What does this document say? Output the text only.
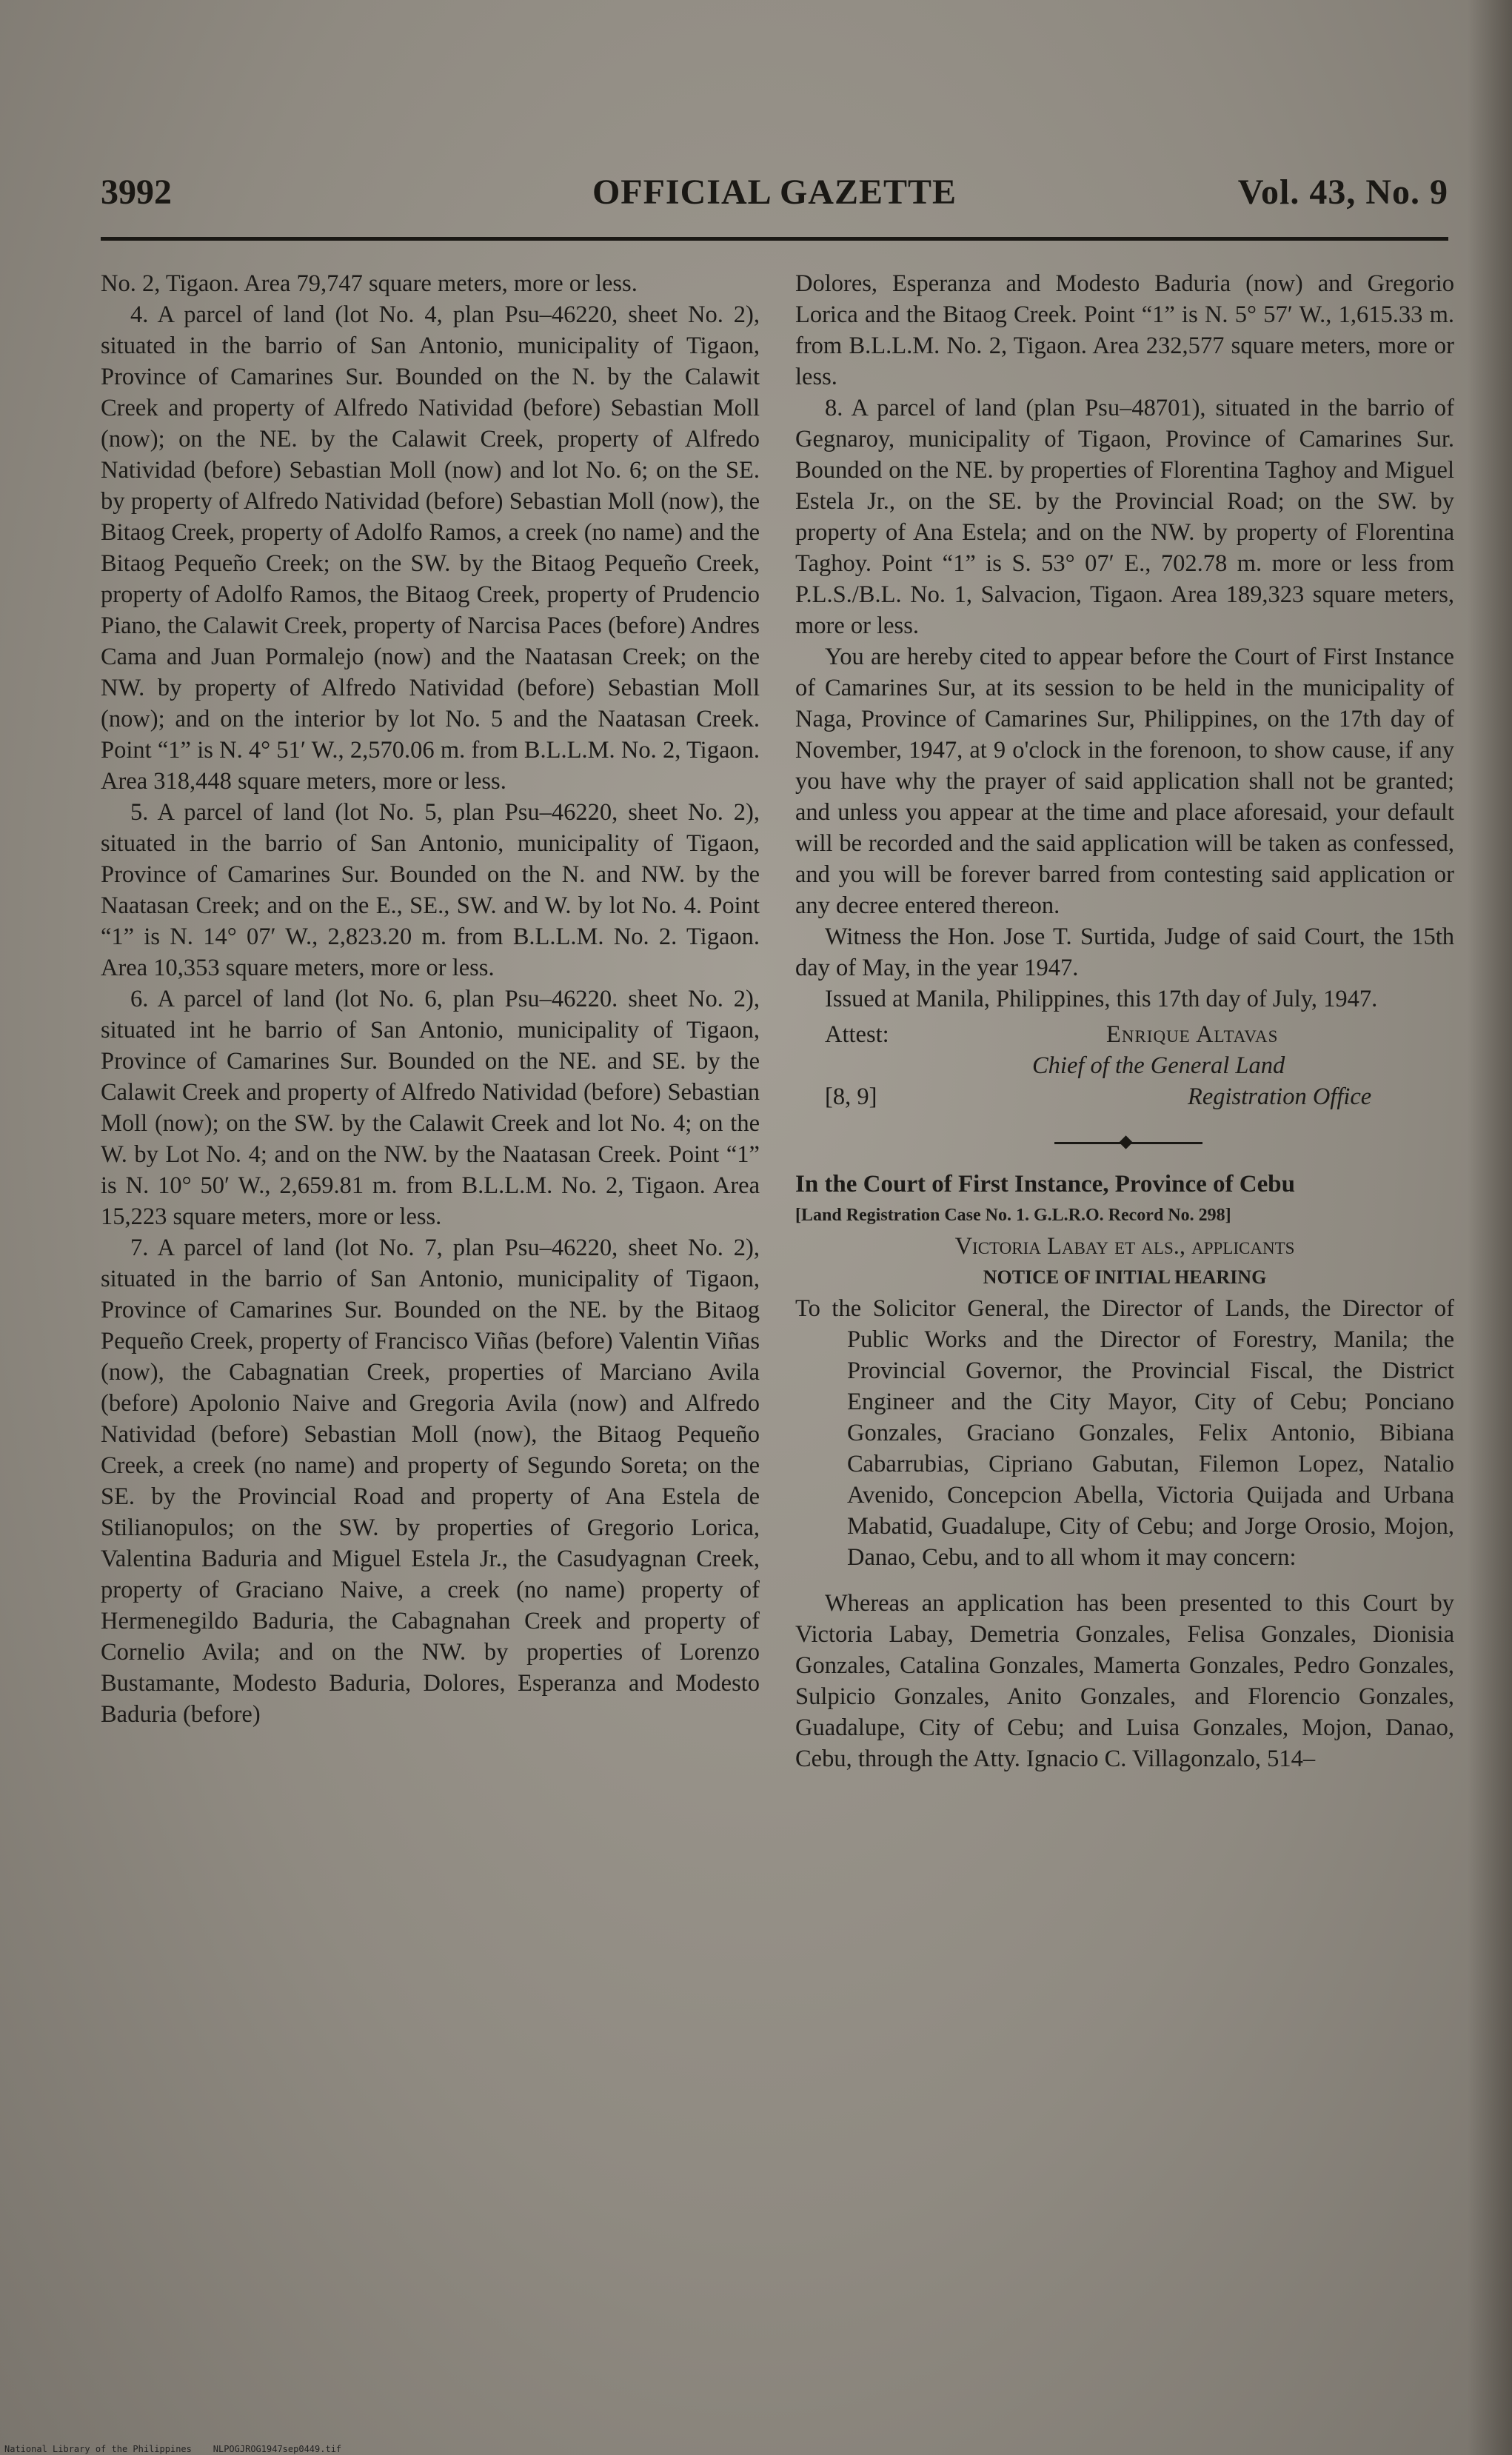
3992	OFFICIAL GAZETTE	Vol. 43, No. 9

No. 2, Tigaon. Area 79,747 square meters, more or less.

4. A parcel of land (lot No. 4, plan Psu–46220, sheet No. 2), situated in the barrio of San Antonio, municipality of Tigaon, Province of Camarines Sur. Bounded on the N. by the Calawit Creek and property of Alfredo Natividad (before) Sebastian Moll (now); on the NE. by the Calawit Creek, property of Alfredo Natividad (before) Sebastian Moll (now) and lot No. 6; on the SE. by property of Alfredo Natividad (before) Sebastian Moll (now), the Bitaog Creek, property of Adolfo Ramos, a creek (no name) and the Bitaog Pequeño Creek; on the SW. by the Bitaog Pequeño Creek, property of Adolfo Ramos, the Bitaog Creek, property of Prudencio Piano, the Calawit Creek, property of Narcisa Paces (before) Andres Cama and Juan Pormalejo (now) and the Naatasan Creek; on the NW. by property of Alfredo Natividad (before) Sebastian Moll (now); and on the interior by lot No. 5 and the Naatasan Creek. Point “1” is N. 4° 51′ W., 2,570.06 m. from B.L.L.M. No. 2, Tigaon. Area 318,448 square meters, more or less.

5. A parcel of land (lot No. 5, plan Psu–46220, sheet No. 2), situated in the barrio of San Antonio, municipality of Tigaon, Province of Camarines Sur. Bounded on the N. and NW. by the Naatasan Creek; and on the E., SE., SW. and W. by lot No. 4. Point “1” is N. 14° 07′ W., 2,823.20 m. from B.L.L.M. No. 2. Tigaon. Area 10,353 square meters, more or less.

6. A parcel of land (lot No. 6, plan Psu–46220. sheet No. 2), situated int he barrio of San Antonio, municipality of Tigaon, Province of Camarines Sur. Bounded on the NE. and SE. by the Calawit Creek and property of Alfredo Natividad (before) Sebastian Moll (now); on the SW. by the Calawit Creek and lot No. 4; on the W. by Lot No. 4; and on the NW. by the Naatasan Creek. Point “1” is N. 10° 50′ W., 2,659.81 m. from B.L.L.M. No. 2, Tigaon. Area 15,223 square meters, more or less.

7. A parcel of land (lot No. 7, plan Psu–46220, sheet No. 2), situated in the barrio of San Antonio, municipality of Tigaon, Province of Camarines Sur. Bounded on the NE. by the Bitaog Pequeño Creek, property of Francisco Viñas (before) Valentin Viñas (now), the Cabagnatian Creek, properties of Marciano Avila (before) Apolonio Naive and Gregoria Avila (now) and Alfredo Natividad (before) Sebastian Moll (now), the Bitaog Pequeño Creek, a creek (no name) and property of Segundo Soreta; on the SE. by the Provincial Road and property of Ana Estela de Stilianopulos; on the SW. by properties of Gregorio Lorica, Valentina Baduria and Miguel Estela Jr., the Casudyagnan Creek, property of Graciano Naive, a creek (no name) property of Hermenegildo Baduria, the Cabagnahan Creek and property of Cornelio Avila; and on the NW. by properties of Lorenzo Bustamante, Modesto Baduria, Dolores, Esperanza and Modesto Baduria (before)

Dolores, Esperanza and Modesto Baduria (now) and Gregorio Lorica and the Bitaog Creek. Point “1” is N. 5° 57′ W., 1,615.33 m. from B.L.L.M. No. 2, Tigaon. Area 232,577 square meters, more or less.

8. A parcel of land (plan Psu–48701), situated in the barrio of Gegnaroy, municipality of Tigaon, Province of Camarines Sur. Bounded on the NE. by properties of Florentina Taghoy and Miguel Estela Jr., on the SE. by the Provincial Road; on the SW. by property of Ana Estela; and on the NW. by property of Florentina Taghoy. Point “1” is S. 53° 07′ E., 702.78 m. more or less from P.L.S./B.L. No. 1, Salvacion, Tigaon. Area 189,323 square meters, more or less.

You are hereby cited to appear before the Court of First Instance of Camarines Sur, at its session to be held in the municipality of Naga, Province of Camarines Sur, Philippines, on the 17th day of November, 1947, at 9 o'clock in the forenoon, to show cause, if any you have why the prayer of said application shall not be granted; and unless you appear at the time and place aforesaid, your default will be recorded and the said application will be taken as confessed, and you will be forever barred from contesting said application or any decree entered thereon.

Witness the Hon. Jose T. Surtida, Judge of said Court, the 15th day of May, in the year 1947.

Issued at Manila, Philippines, this 17th day of July, 1947.

Attest:	Enrique Altavas
Chief of the General Land
[8, 9]	Registration Office

In the Court of First Instance, Province of Cebu

[Land Registration Case No. 1. G.L.R.O. Record No. 298]

Victoria Labay et als., applicants

NOTICE OF INITIAL HEARING

To the Solicitor General, the Director of Lands, the Director of Public Works and the Director of Forestry, Manila; the Provincial Governor, the Provincial Fiscal, the District Engineer and the City Mayor, City of Cebu; Ponciano Gonzales, Graciano Gonzales, Felix Antonio, Bibiana Cabarrubias, Cipriano Gabutan, Filemon Lopez, Natalio Avenido, Concepcion Abella, Victoria Quijada and Urbana Mabatid, Guadalupe, City of Cebu; and Jorge Orosio, Mojon, Danao, Cebu, and to all whom it may concern:

Whereas an application has been presented to this Court by Victoria Labay, Demetria Gonzales, Felisa Gonzales, Dionisia Gonzales, Catalina Gonzales, Mamerta Gonzales, Pedro Gonzales, Sulpicio Gonzales, Anito Gonzales, and Florencio Gonzales, Guadalupe, City of Cebu; and Luisa Gonzales, Mojon, Danao, Cebu, through the Atty. Ignacio C. Villagonzalo, 514–

National Library of the Philippines    NLPOGJROG1947sep0449.tif
